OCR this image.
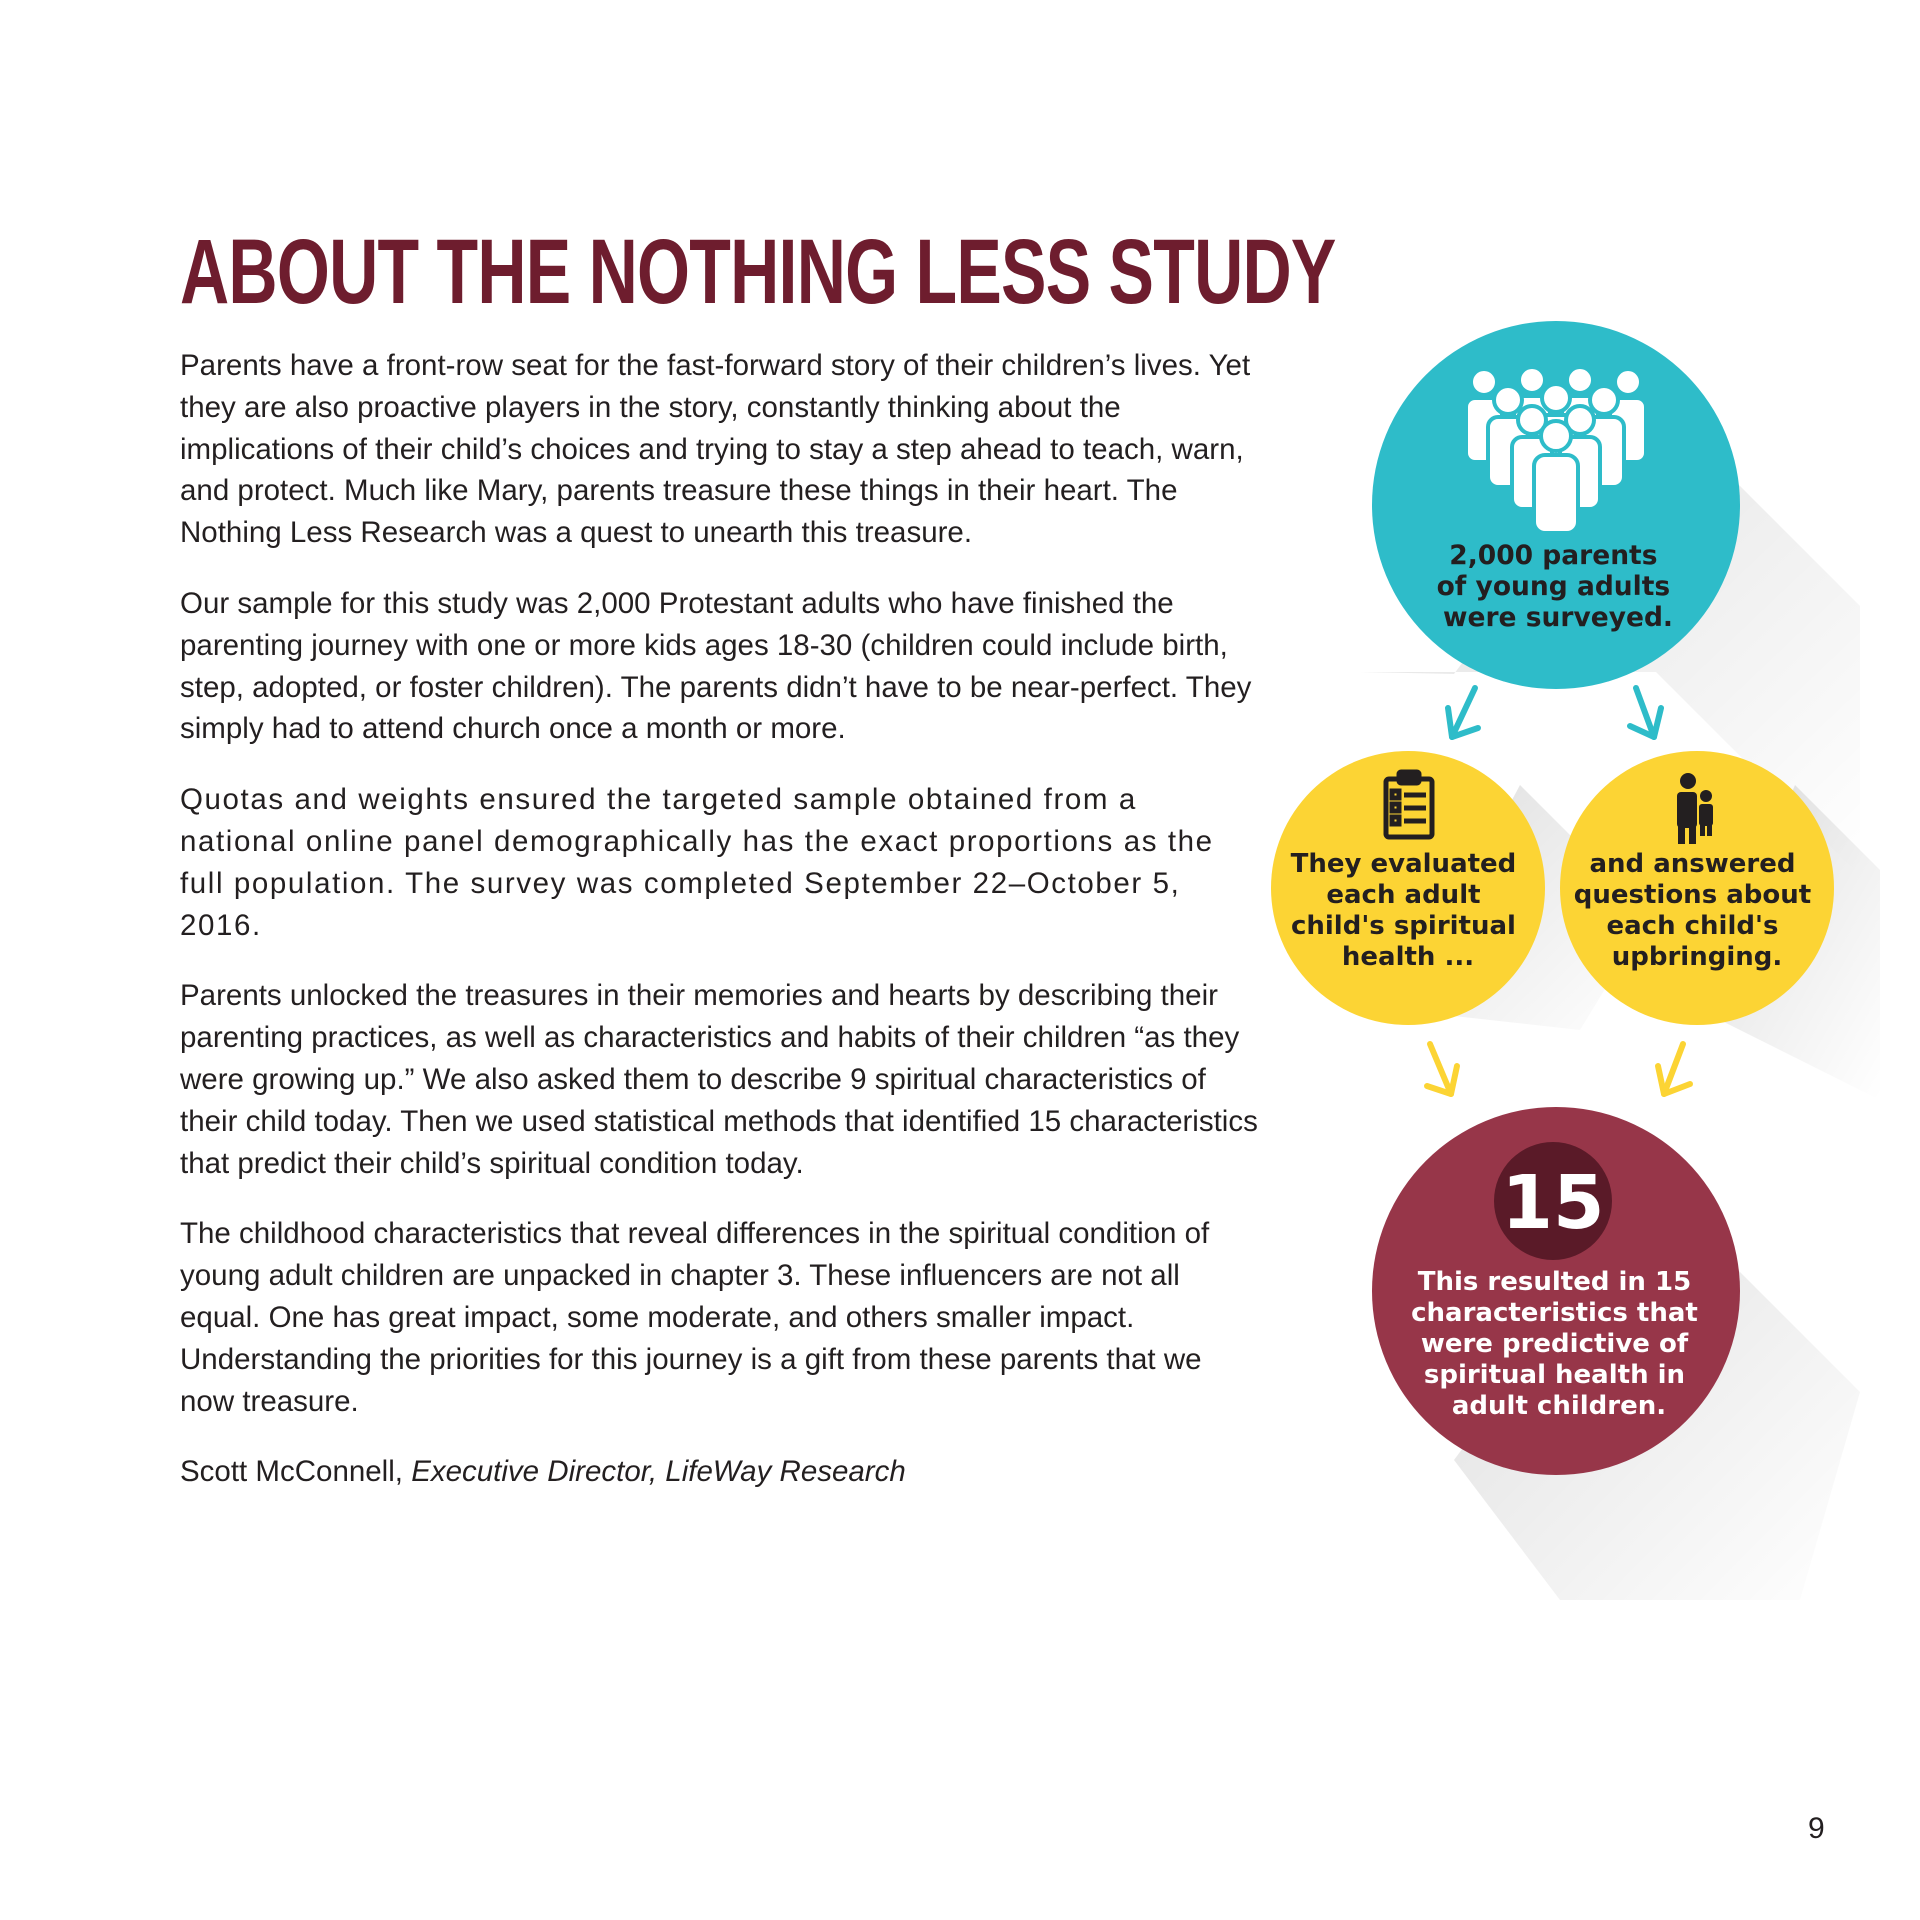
ABOUT THE NOTHING LESS STUDY

Parents have a front-row seat for the fast-forward story of their children’s lives. Yet they are also proactive players in the story, constantly thinking about the implications of their child’s choices and trying to stay a step ahead to teach, warn, and protect. Much like Mary, parents treasure these things in their heart. The Nothing Less Research was a quest to unearth this treasure.

Our sample for this study was 2,000 Protestant adults who have finished the parenting journey with one or more kids ages 18-30 (children could include birth, step, adopted, or foster children). The parents didn’t have to be near-perfect. They simply had to attend church once a month or more.

Quotas and weights ensured the targeted sample obtained from a national online panel demographically has the exact proportions as the full population. The survey was completed September 22–October 5, 2016.

Parents unlocked the treasures in their memories and hearts by describing their parenting practices, as well as characteristics and habits of their children “as they were growing up.” We also asked them to describe 9 spiritual characteristics of their child today. Then we used statistical methods that identified 15 characteristics that predict their child’s spiritual condition today.

The childhood characteristics that reveal differences in the spiritual condition of young adult children are unpacked in chapter 3. These influencers are not all equal. One has great impact, some moderate, and others smaller impact. Understanding the priorities for this journey is a gift from these parents that we now treasure.

Scott McConnell, Executive Director, LifeWay Research

2,000 parents of young adults were surveyed.
They evaluated each adult child's spiritual health ...
and answered questions about each child's upbringing.
15
This resulted in 15 characteristics that were predictive of spiritual health in adult children.
9
